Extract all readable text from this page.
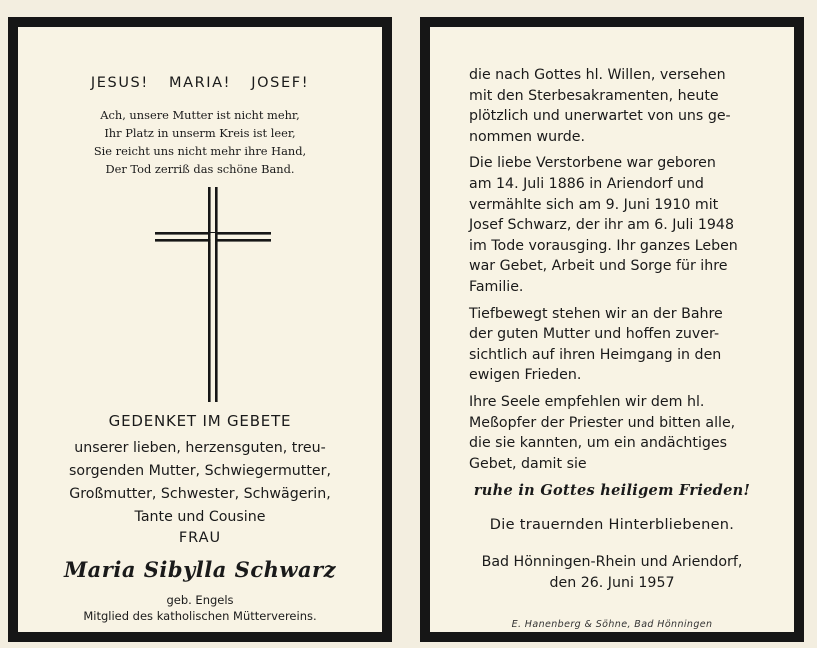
JESUS! MARIA! JOSEF!
Ach, unsere Mutter ist nicht mehr,
Ihr Platz in unserm Kreis ist leer,
Sie reicht uns nicht mehr ihre Hand,
Der Tod zerriß das schöne Band.
GEDENKET IM GEBETE
unserer lieben, herzensguten, treu-
sorgenden Mutter, Schwiegermutter,
Großmutter, Schwester, Schwägerin,
Tante und Cousine
FRAU
Maria Sibylla Schwarz
geb. Engels
Mitglied des katholischen Müttervereins.

die nach Gottes hl. Willen, versehen
mit den Sterbesakramenten, heute
plötzlich und unerwartet von uns ge-
nommen wurde.

Die liebe Verstorbene war geboren
am 14. Juli 1886 in Ariendorf und
vermählte sich am 9. Juni 1910 mit
Josef Schwarz, der ihr am 6. Juli 1948
im Tode vorausging. Ihr ganzes Leben
war Gebet, Arbeit und Sorge für ihre
Familie.

Tiefbewegt stehen wir an der Bahre
der guten Mutter und hoffen zuver-
sichtlich auf ihren Heimgang in den
ewigen Frieden.

Ihre Seele empfehlen wir dem hl.
Meßopfer der Priester und bitten alle,
die sie kannten, um ein andächtiges
Gebet, damit sie

ruhe in Gottes heiligem Frieden!
Die trauernden Hinterbliebenen.
Bad Hönningen-Rhein und Ariendorf,
den 26. Juni 1957
E. Hanenberg & Söhne, Bad Hönningen
